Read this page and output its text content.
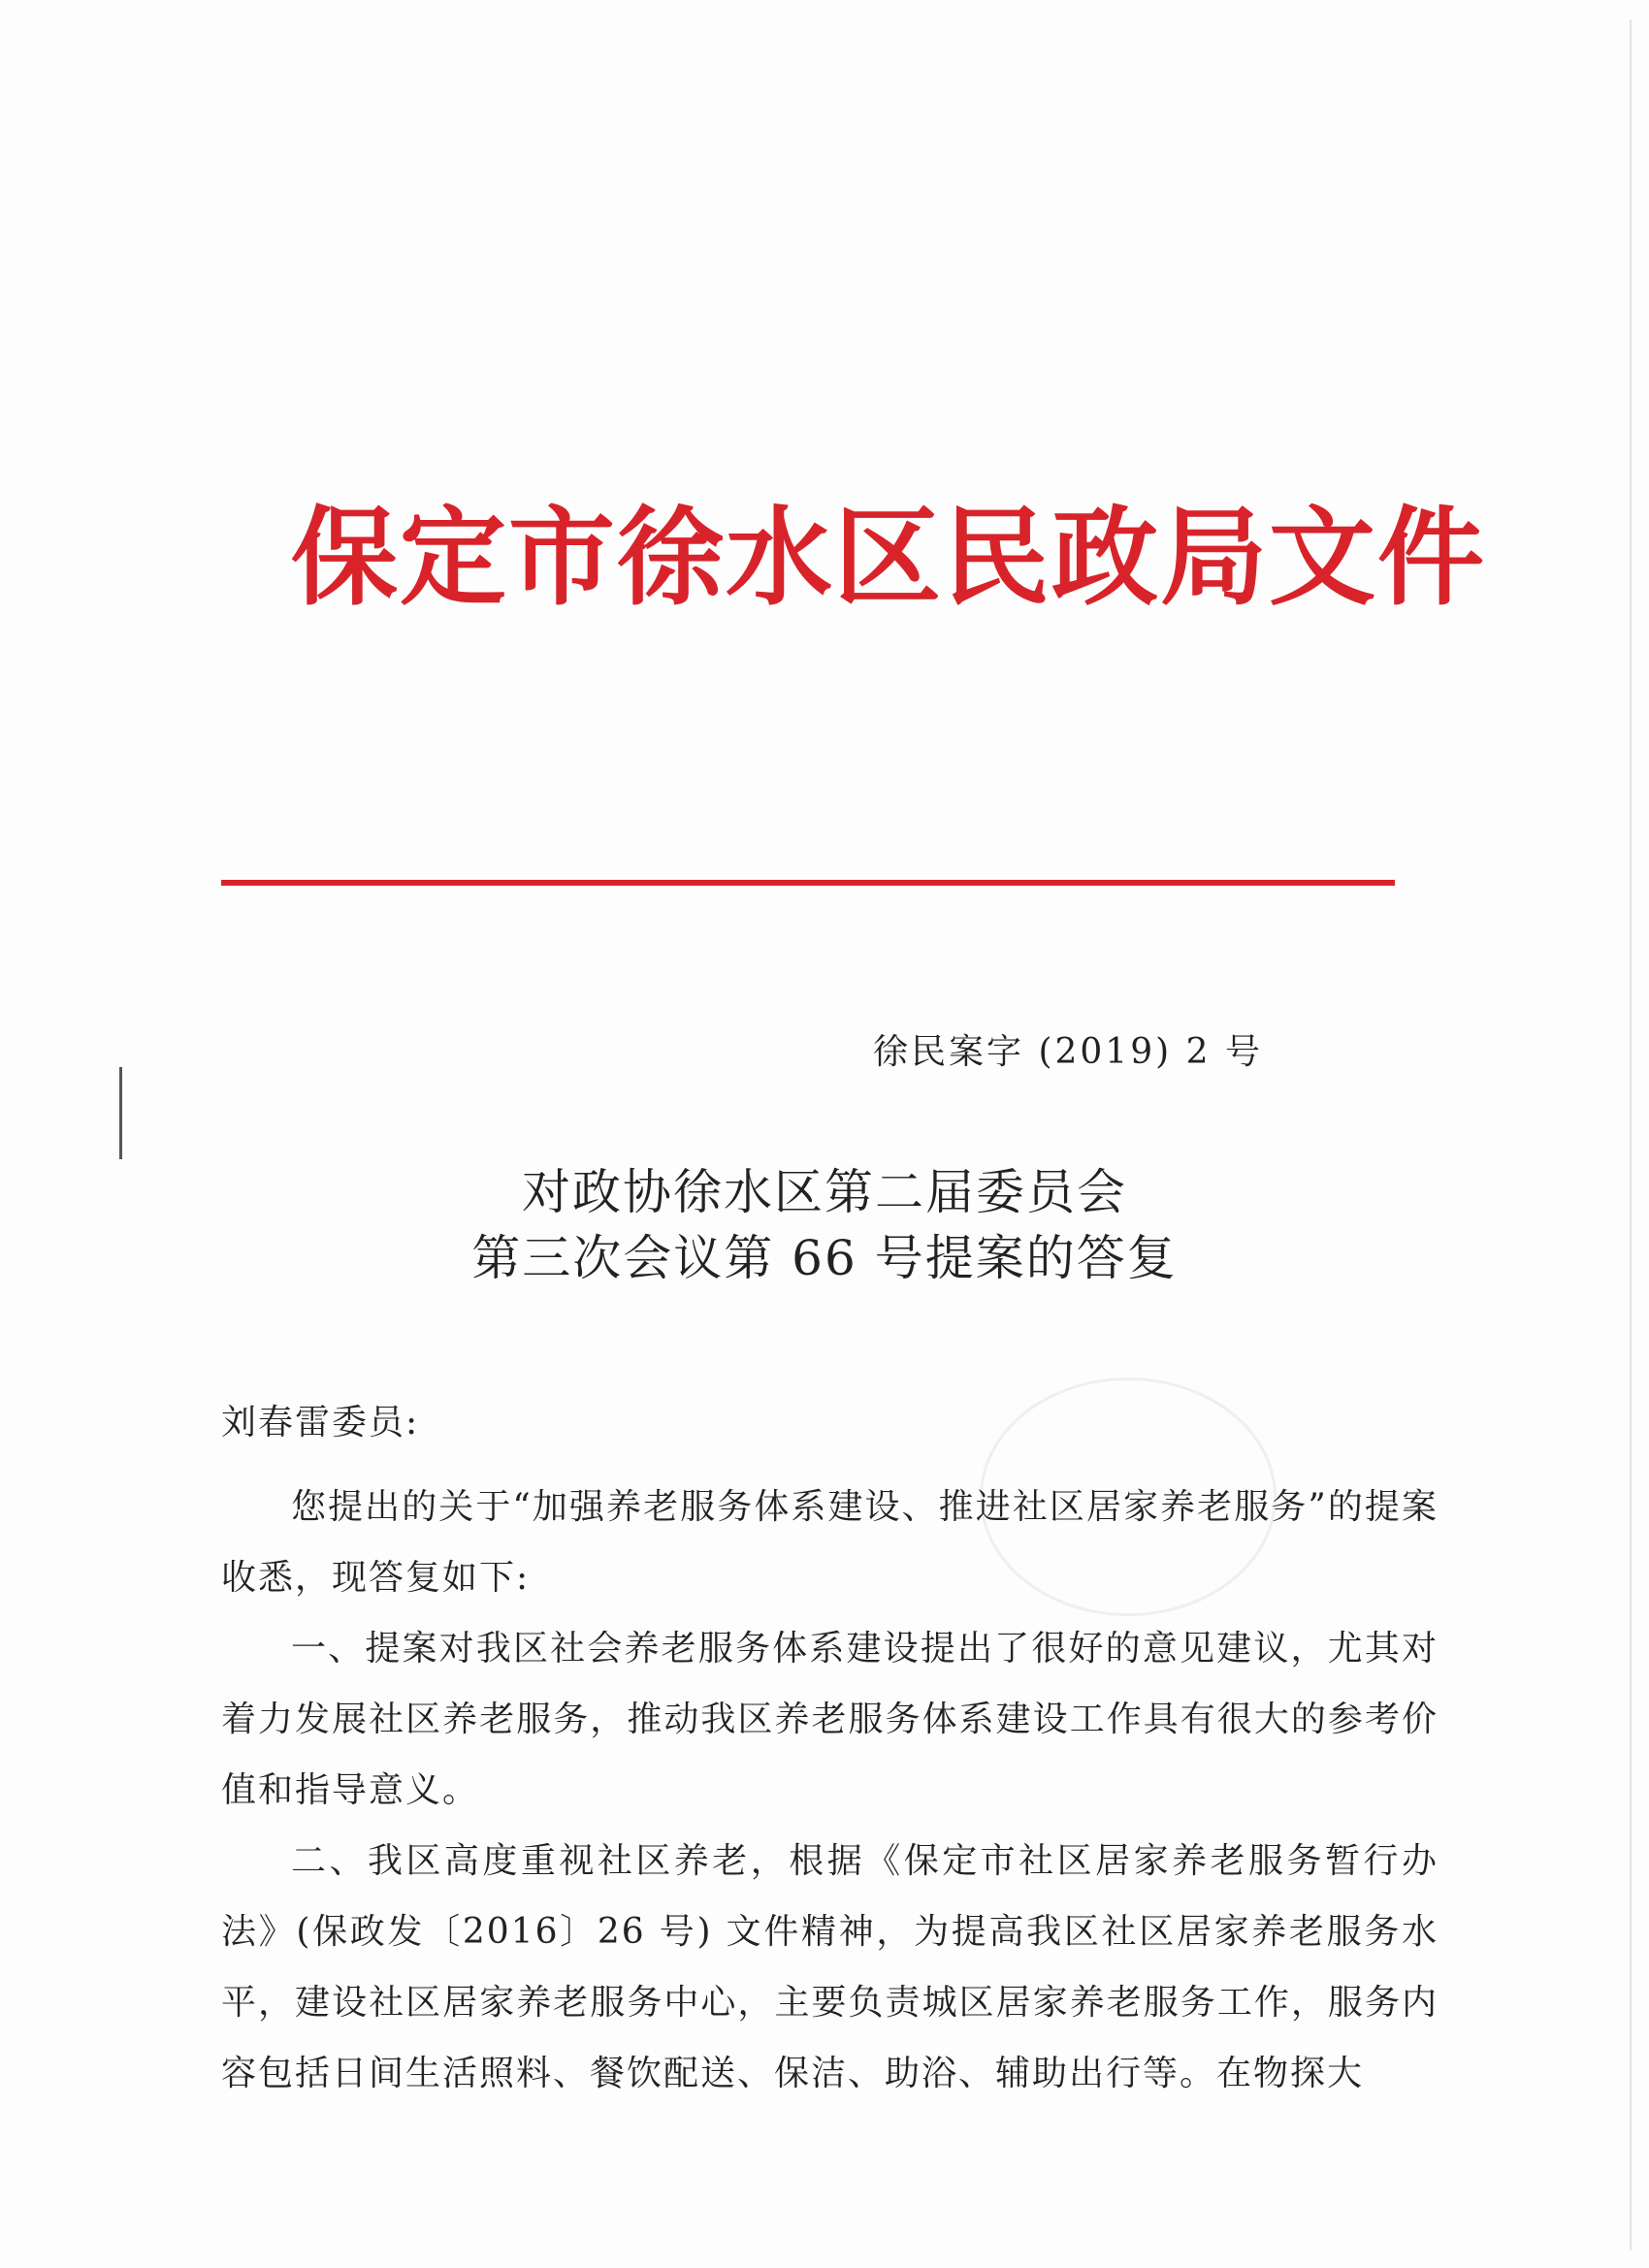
保定市徐水区民政局文件
徐民案字 (2019) 2 号
对政协徐水区第二届委员会
第三次会议第 66 号提案的答复

刘春雷委员:

您提出的关于“加强养老服务体系建设、推进社区居家养老服务”的提案收悉，现答复如下:

一、提案对我区社会养老服务体系建设提出了很好的意见建议，尤其对着力发展社区养老服务，推动我区养老服务体系建设工作具有很大的参考价值和指导意义。

二、我区高度重视社区养老，根据《保定市社区居家养老服务暂行办法》(保政发〔2016〕26 号) 文件精神，为提高我区社区居家养老服务水平，建设社区居家养老服务中心，主要负责城区居家养老服务工作，服务内容包括日间生活照料、餐饮配送、保洁、助浴、辅助出行等。在物探大
